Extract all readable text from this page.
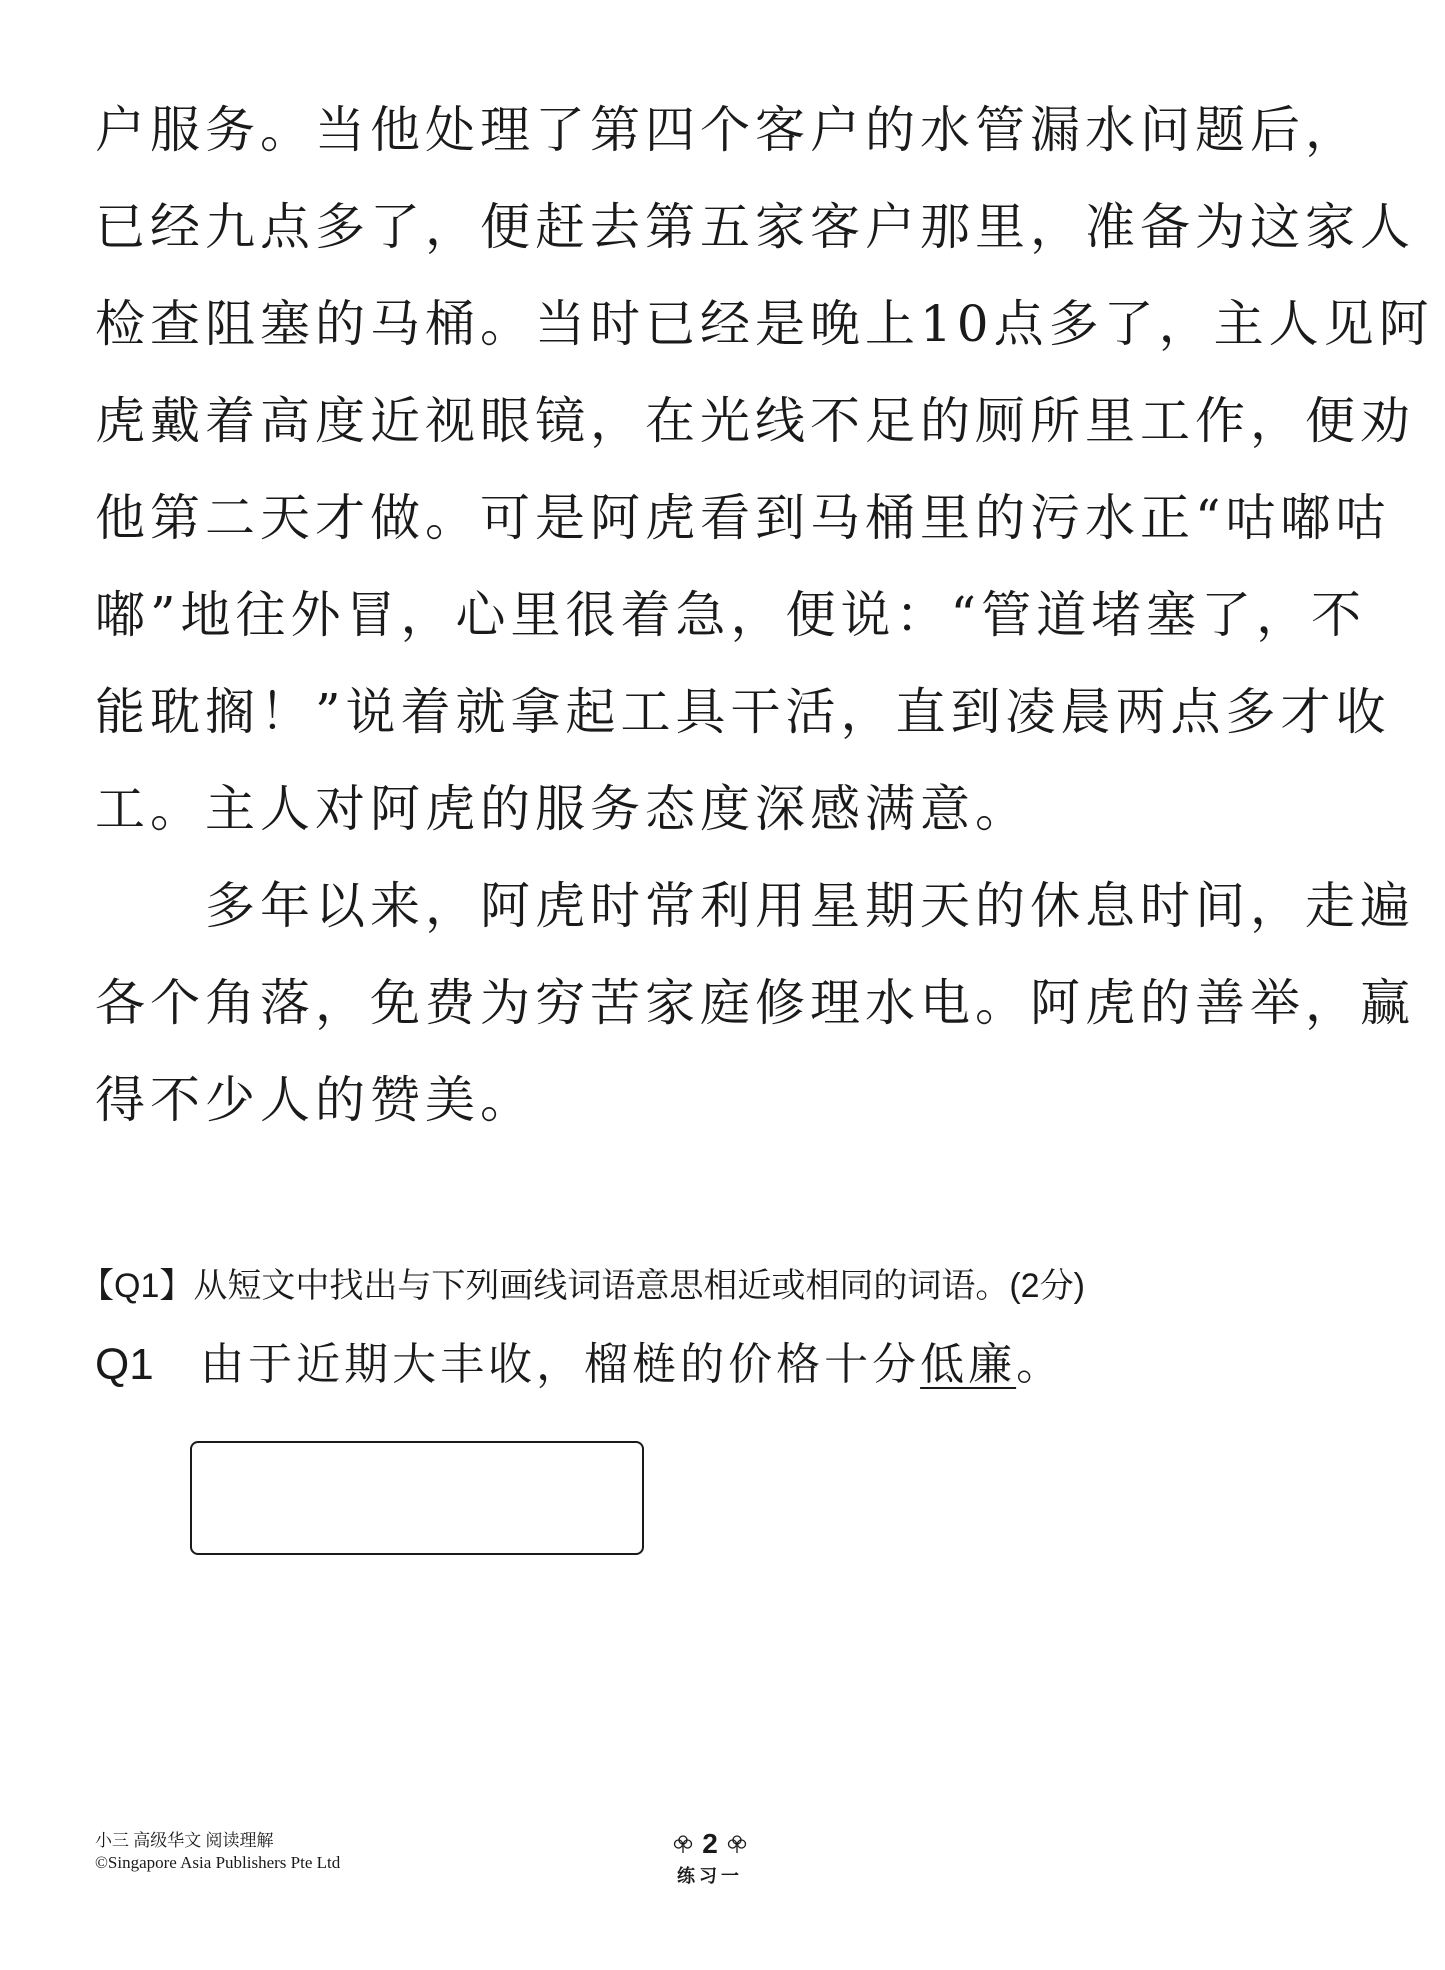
户服务。当他处理了第四个客户的水管漏水问题后，
已经九点多了，便赶去第五家客户那里，准备为这家人
检查阻塞的马桶。当时已经是晚上10点多了，主人见阿
虎戴着高度近视眼镜，在光线不足的厕所里工作，便劝
他第二天才做。可是阿虎看到马桶里的污水正“咕嘟咕
嘟”地往外冒，心里很着急，便说：“管道堵塞了，不
能耽搁！”说着就拿起工具干活，直到凌晨两点多才收
工。主人对阿虎的服务态度深感满意。
　　多年以来，阿虎时常利用星期天的休息时间，走遍
各个角落，免费为穷苦家庭修理水电。阿虎的善举，赢
得不少人的赞美。
【Q1】从短文中找出与下列画线词语意思相近或相同的词语。(2分)
Q1 由于近期大丰收，榴梿的价格十分低廉。
小三 高级华文 阅读理解
©Singapore Asia Publishers Pte Ltd
2
练习一
